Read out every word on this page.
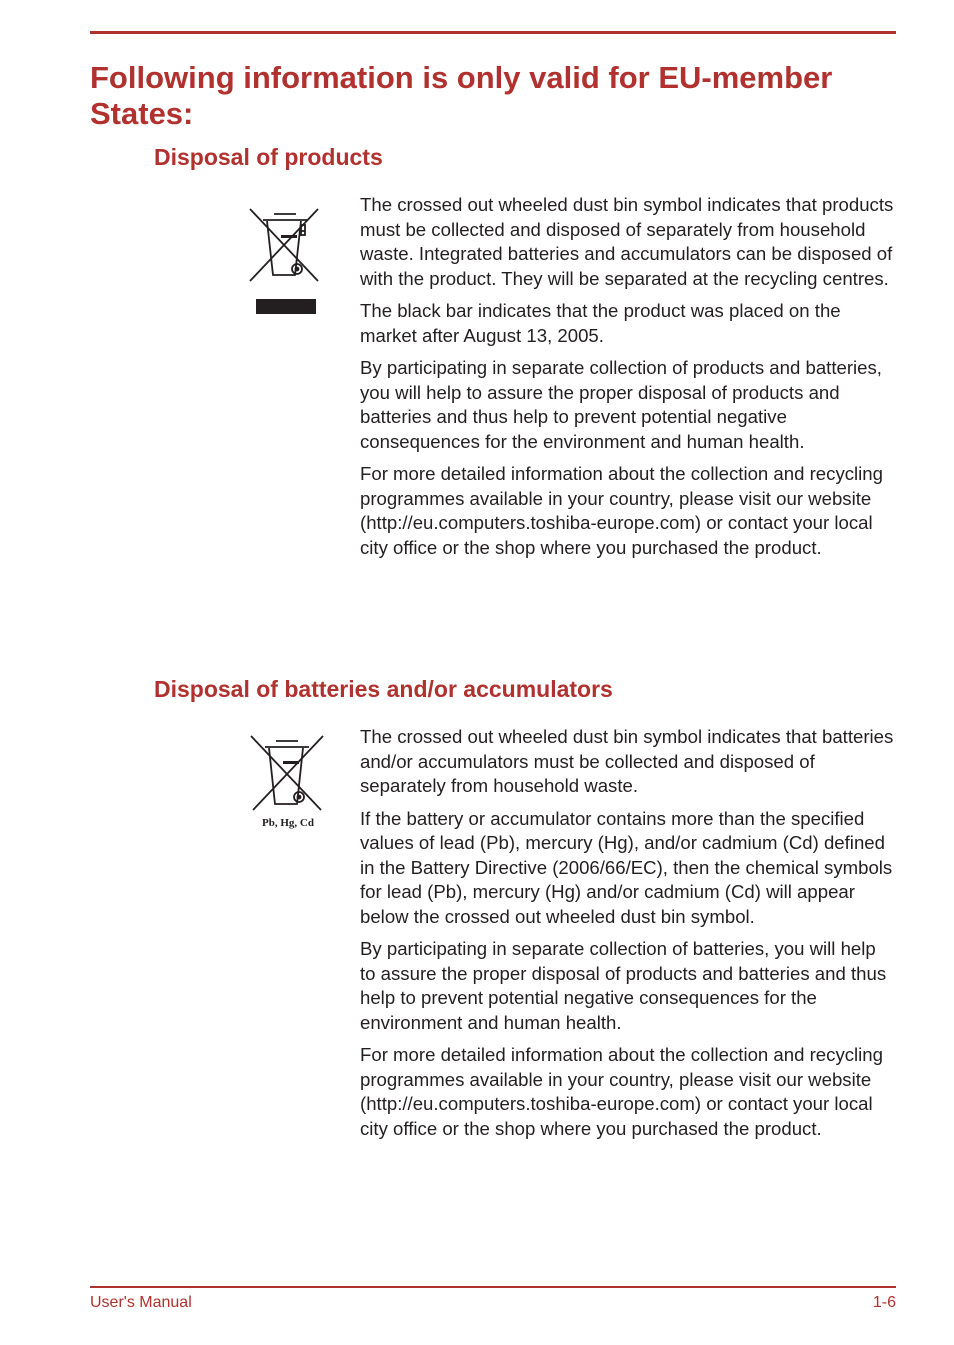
Following information is only valid for EU-member States:
Disposal of products

The crossed out wheeled dust bin symbol indicates that products must be collected and disposed of separately from household waste. Integrated batteries and accumulators can be disposed of with the product. They will be separated at the recycling centres.

The black bar indicates that the product was placed on the market after August 13, 2005.

By participating in separate collection of products and batteries, you will help to assure the proper disposal of products and batteries and thus help to prevent potential negative consequences for the environment and human health.

For more detailed information about the collection and recycling programmes available in your country, please visit our website (http://eu.computers.toshiba-europe.com) or contact your local city office or the shop where you purchased the product.

Disposal of batteries and/or accumulators
Pb, Hg, Cd

The crossed out wheeled dust bin symbol indicates that batteries and/or accumulators must be collected and disposed of separately from household waste.

If the battery or accumulator contains more than the specified values of lead (Pb), mercury (Hg), and/or cadmium (Cd) defined in the Battery Directive (2006/66/EC), then the chemical symbols for lead (Pb), mercury (Hg) and/or cadmium (Cd) will appear below the crossed out wheeled dust bin symbol.

By participating in separate collection of batteries, you will help to assure the proper disposal of products and batteries and thus help to prevent potential negative consequences for the environment and human health.

For more detailed information about the collection and recycling programmes available in your country, please visit our website (http://eu.computers.toshiba-europe.com) or contact your local city office or the shop where you purchased the product.

User's Manual	1-6
